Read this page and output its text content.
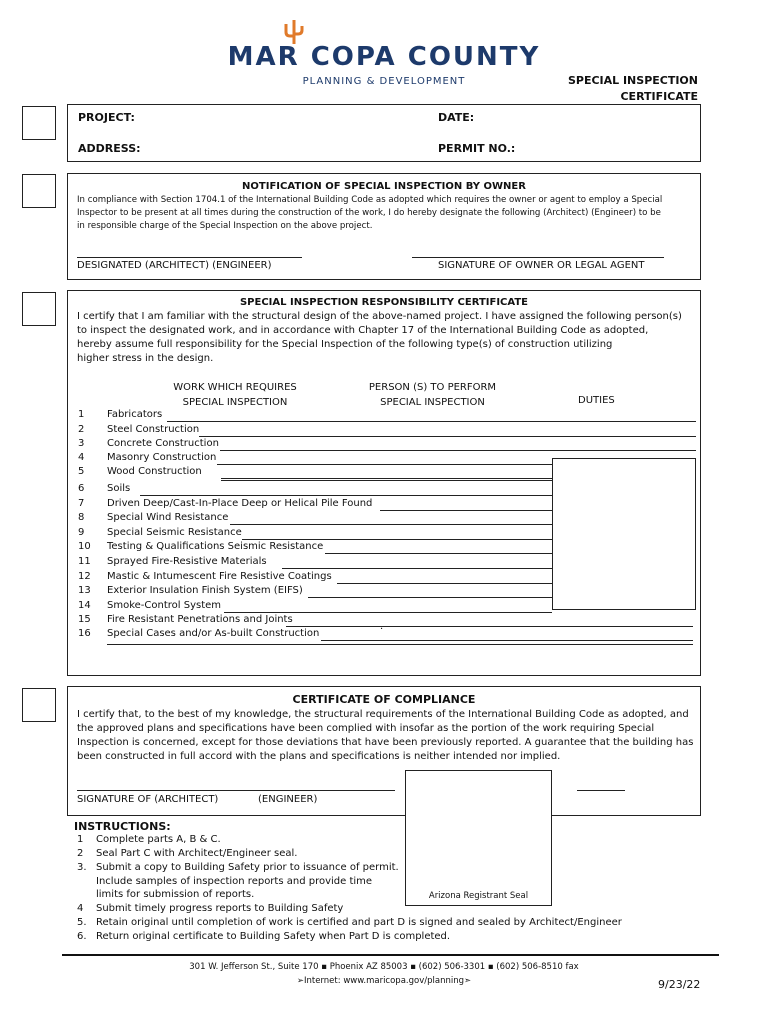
MAR COPA COUNTY
PLANNING & DEVELOPMENT	SPECIAL INSPECTION
CERTIFICATE
PROJECT:	DATE:
ADDRESS:	PERMIT NO.:
NOTIFICATION OF SPECIAL INSPECTION BY OWNER
In compliance with Section 1704.1 of the International Building Code as adopted which requires the owner or agent to employ a Special
Inspector to be present at all times during the construction of the work, I do hereby designate the following (Architect) (Engineer) to be
in responsible charge of the Special Inspection on the above project.
DESIGNATED (ARCHITECT) (ENGINEER)	SIGNATURE OF OWNER OR LEGAL AGENT
SPECIAL INSPECTION RESPONSIBILITY CERTIFICATE
I certify that I am familiar with the structural design of the above-named project. I have assigned the following person(s)
to inspect the designated work, and in accordance with Chapter 17 of the International Building Code as adopted,
hereby assume full responsibility for the Special Inspection of the following type(s) of construction utilizing
higher stress in the design.
WORK WHICH REQUIRES
SPECIAL INSPECTION
PERSON (S) TO PERFORM
SPECIAL INSPECTION	DUTIES
1 Fabricators
2 Steel Construction
3 Concrete Construction
4 Masonry Construction
5 Wood Construction
6 Soils
7 Driven Deep/Cast-In-Place Deep or Helical Pile Found
8 Special Wind Resistance
9 Special Seismic Resistance
10 Testing & Qualifications Seismic Resistance
11 Sprayed Fire-Resistive Materials
12 Mastic & Intumescent Fire Resistive Coatings
13 Exterior Insulation Finish System (EIFS)
14 Smoke-Control System
15 Fire Resistant Penetrations and Joints
16 Special Cases and/or As-built Construction	·
CERTIFICATE OF COMPLIANCE
I certify that, to the best of my knowledge, the structural requirements of the International Building Code as adopted, and
the approved plans and specifications have been complied with insofar as the portion of the work requiring Special
Inspection is concerned, except for those deviations that have been previously reported. A guarantee that the building has
been constructed in full accord with the plans and specifications is neither intended nor implied.
SIGNATURE OF (ARCHITECT)	(ENGINEER)
Arizona Registrant Seal
INSTRUCTIONS:
1 Complete parts A, B & C.
2 Seal Part C with Architect/Engineer seal.
3. Submit a copy to Building Safety prior to issuance of permit.
Include samples of inspection reports and provide time
limits for submission of reports.
4 Submit timely progress reports to Building Safety
5. Retain original until completion of work is certified and part D is signed and sealed by Architect/Engineer
6. Return original certificate to Building Safety when Part D is completed.
301 W. Jefferson St., Suite 170 ▪ Phoenix AZ 85003 ▪ (602) 506-3301 ▪ (602) 506-8510 fax
➢Internet: www.maricopa.gov/planning➣	9/23/22
